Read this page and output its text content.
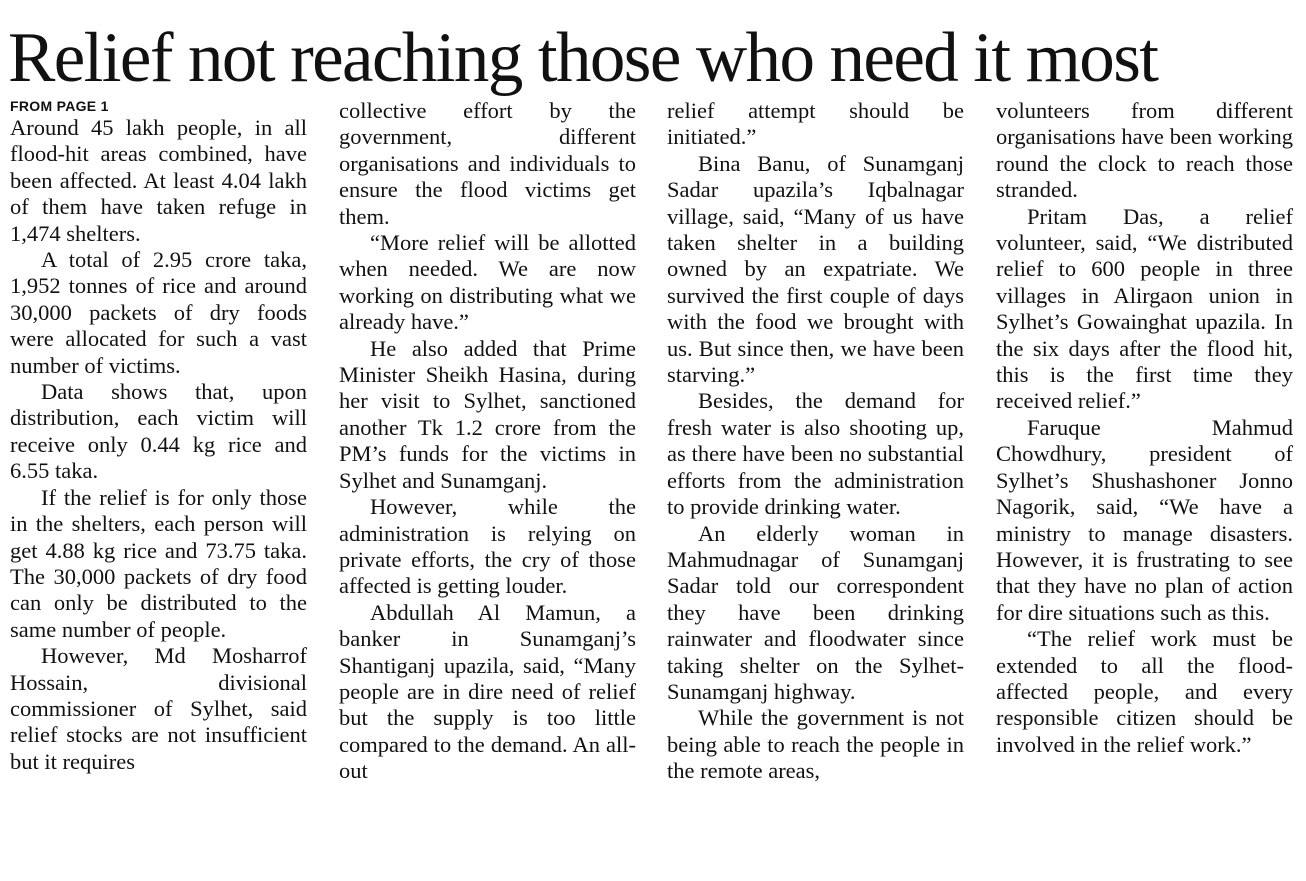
Relief not reaching those who need it most
FROM PAGE 1

Around 45 lakh people, in all flood-hit areas combined, have been affected. At least 4.04 lakh of them have taken refuge in 1,474 shelters.

A total of 2.95 crore taka, 1,952 tonnes of rice and around 30,000 packets of dry foods were allocated for such a vast number of victims.

Data shows that, upon distribution, each victim will receive only 0.44 kg rice and 6.55 taka.

If the relief is for only those in the shelters, each person will get 4.88 kg rice and 73.75 taka. The 30,000 packets of dry food can only be distributed to the same number of people.

However, Md Mosharrof Hossain, divisional commissioner of Sylhet, said relief stocks are not insufficient but it requires

collective effort by the government, different organisations and individuals to ensure the flood victims get them.

“More relief will be allotted when needed. We are now working on distributing what we already have.”

He also added that Prime Minister Sheikh Hasina, during her visit to Sylhet, sanctioned another Tk 1.2 crore from the PM’s funds for the victims in Sylhet and Sunamganj.

However, while the administration is relying on private efforts, the cry of those affected is getting louder.

Abdullah Al Mamun, a banker in Sunamganj’s Shantiganj upazila, said, “Many people are in dire need of relief but the supply is too little compared to the demand. An all-out

relief attempt should be initiated.”

Bina Banu, of Sunamganj Sadar upazila’s Iqbalnagar village, said, “Many of us have taken shelter in a building owned by an expatriate. We survived the first couple of days with the food we brought with us. But since then, we have been starving.”

Besides, the demand for fresh water is also shooting up, as there have been no substantial efforts from the administration to provide drinking water.

An elderly woman in Mahmudnagar of Sunamganj Sadar told our correspondent they have been drinking rainwater and floodwater since taking shelter on the Sylhet-Sunamganj highway.

While the government is not being able to reach the people in the remote areas,

volunteers from different organisations have been working round the clock to reach those stranded.

Pritam Das, a relief volunteer, said, “We distributed relief to 600 people in three villages in Alirgaon union in Sylhet’s Gowainghat upazila. In the six days after the flood hit, this is the first time they received relief.”

Faruque Mahmud Chowdhury, president of Sylhet’s Shushashoner Jonno Nagorik, said, “We have a ministry to manage disasters. However, it is frustrating to see that they have no plan of action for dire situations such as this.

“The relief work must be extended to all the flood-affected people, and every responsible citizen should be involved in the relief work.”
